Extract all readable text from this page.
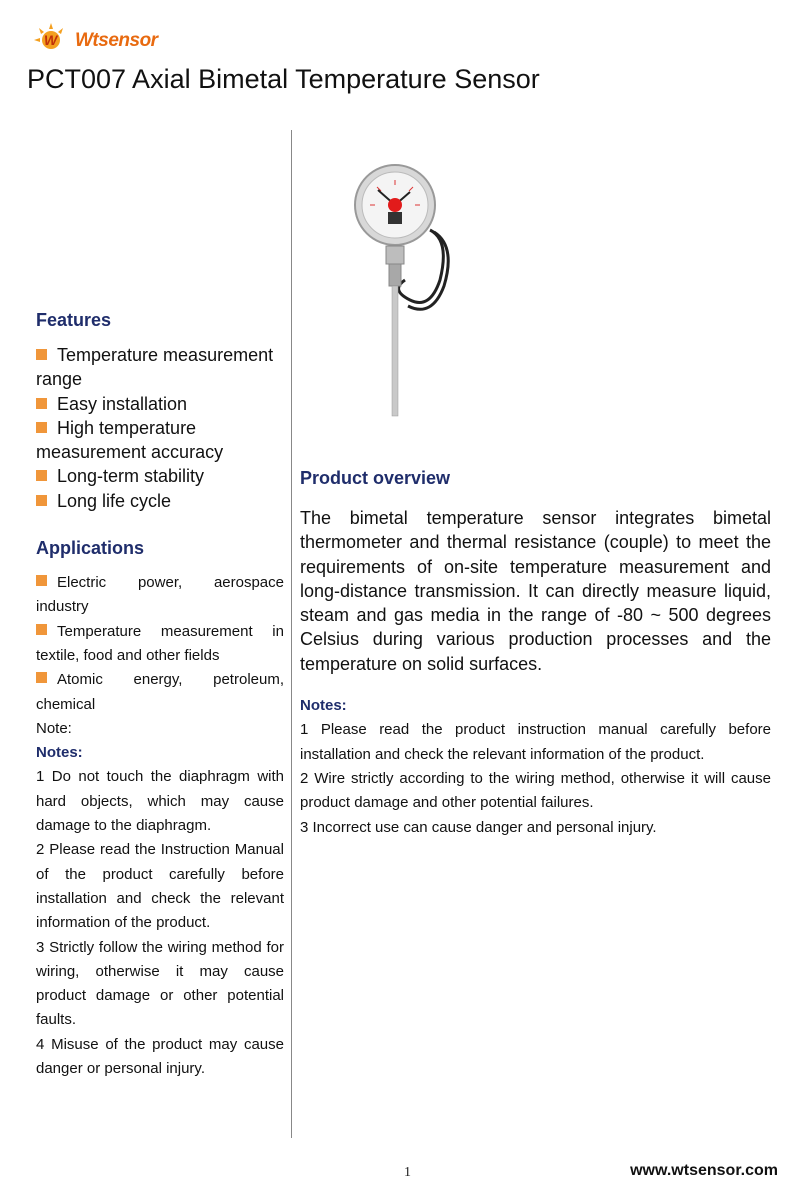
W Wtsensor
PCT007 Axial Bimetal Temperature Sensor
Features
Temperature measurement range
Easy installation
High temperature measurement accuracy
Long-term stability
Long life cycle
Applications
Electric power, aerospace industry
Temperature measurement in textile, food and other fields
Atomic energy, petroleum, chemical
Note:
Notes:
1 Do not touch the diaphragm with hard objects, which may cause damage to the diaphragm.
2 Please read the Instruction Manual of the product carefully before installation and check the relevant information of the product.
3 Strictly follow the wiring method for wiring, otherwise it may cause product damage or other potential faults.
4 Misuse of the product may cause danger or personal injury.
Product overview

The bimetal temperature sensor integrates bimetal thermometer and thermal resistance (couple) to meet the requirements of on-site temperature measurement and long-distance transmission. It can directly measure liquid, steam and gas media in the range of -80 ~ 500 degrees Celsius during various production processes and the temperature on solid surfaces.

Notes:
1 Please read the product instruction manual carefully before installation and check the relevant information of the product.
2 Wire strictly according to the wiring method, otherwise it will cause product damage and other potential failures.
3 Incorrect use can cause danger and personal injury.
1	www.wtsensor.com
